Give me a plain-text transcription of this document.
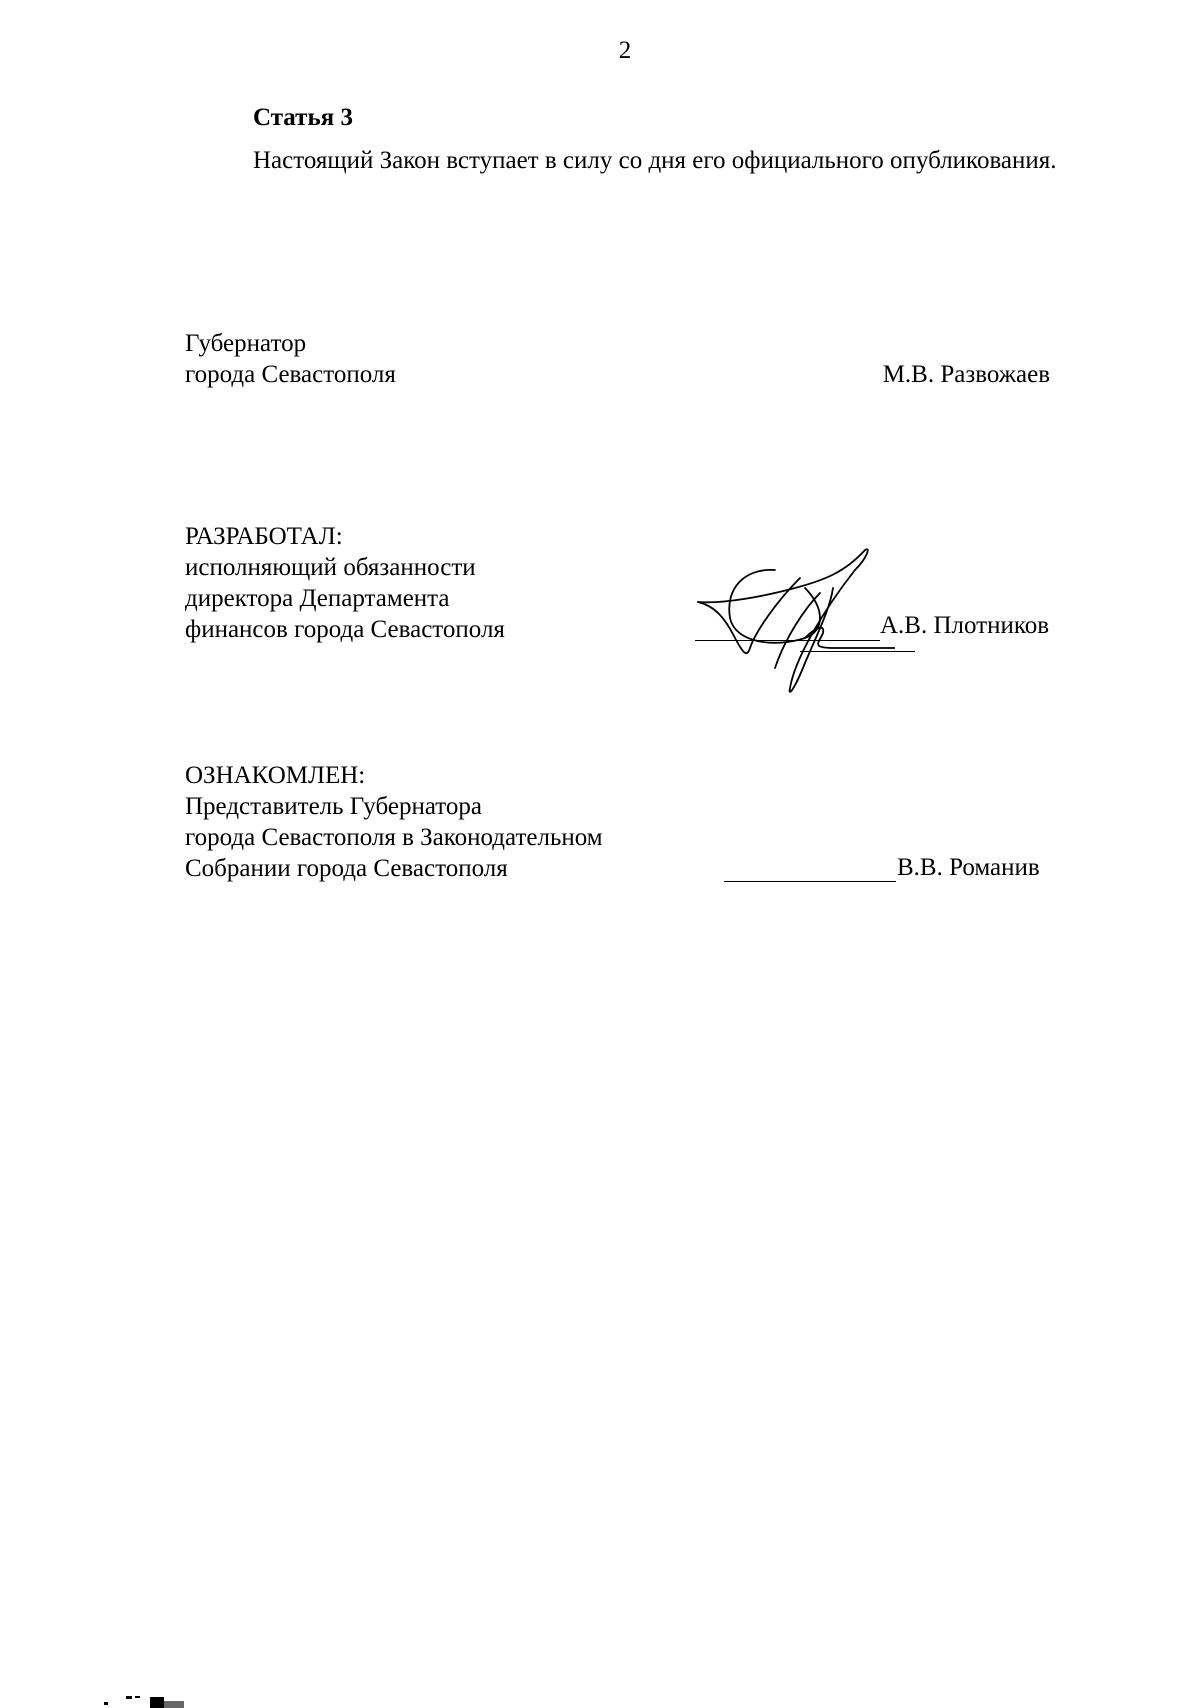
2
Статья 3
Настоящий Закон вступает в силу со дня его официального опубликования.
Губернатор
города Севастополя	М.В. Развожаев
РАЗРАБОТАЛ:
исполняющий обязанности
директора Департамента
финансов города Севастополя	А.В. Плотников
ОЗНАКОМЛЕН:
Представитель Губернатора
города Севастополя в Законодательном
Собрании города Севастополя	В.В. Романив
